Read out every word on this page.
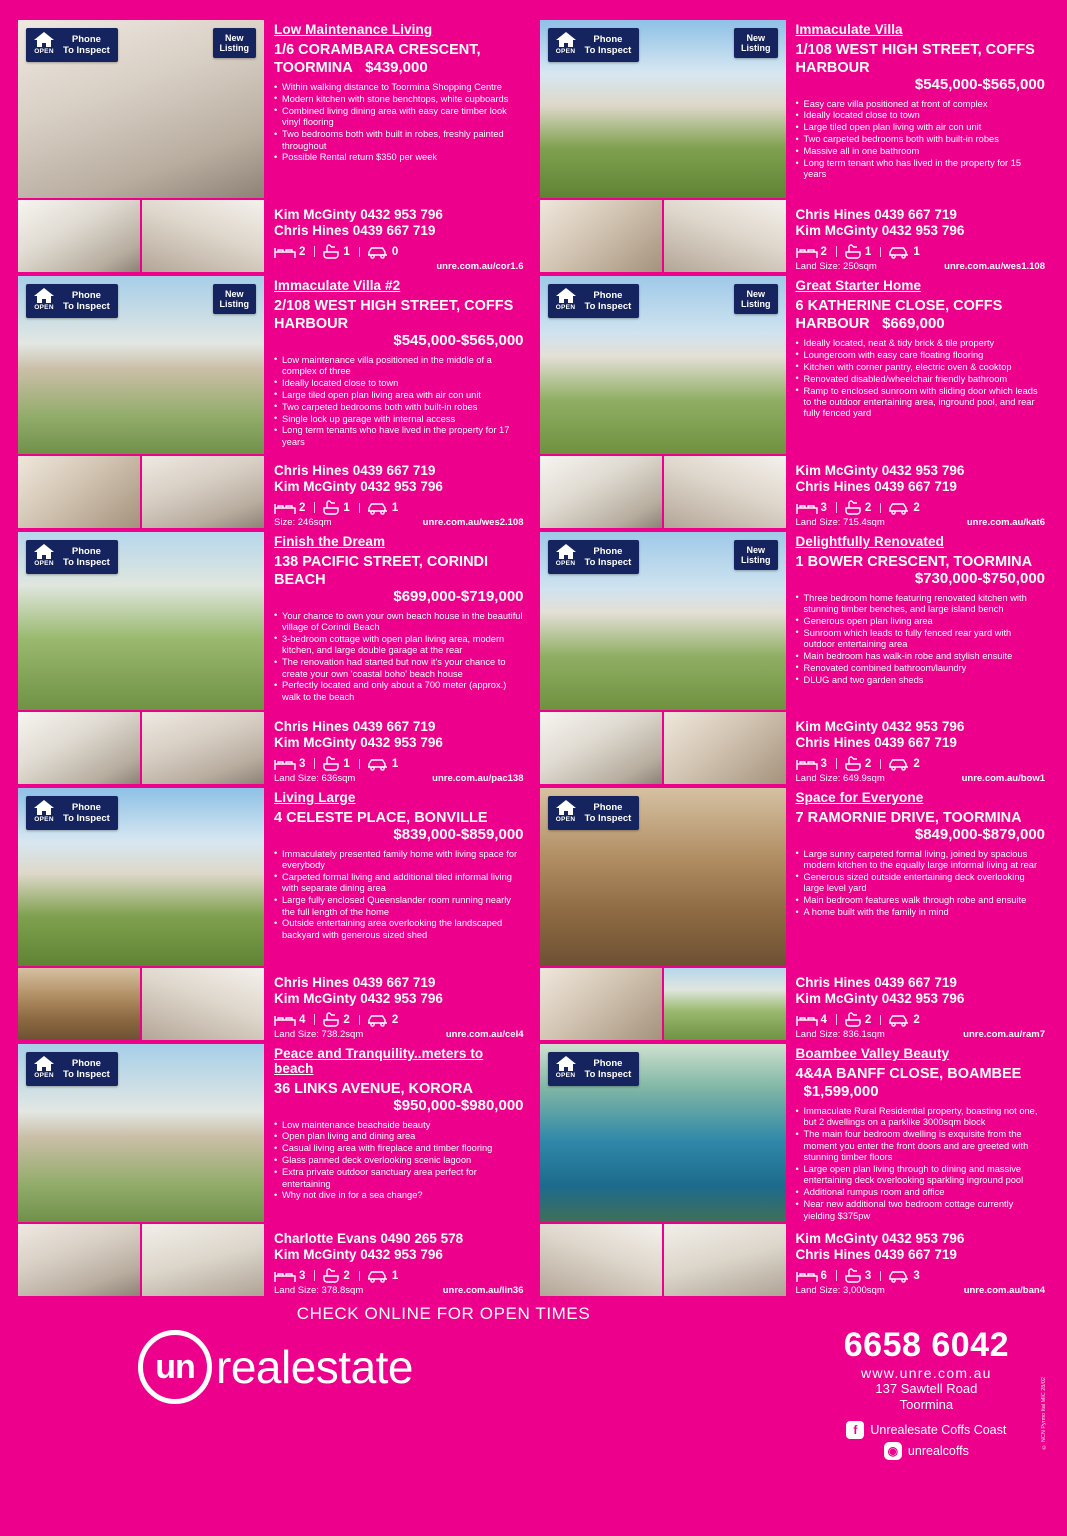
OPEN
Phone
To Inspect
New
Listing
Low Maintenance Living
1/6 CORAMBARA CRESCENT, TOORMINA $439,000
• Within walking distance to Toormina Shopping Centre
• Modern kitchen with stone benchtops, white cupboards
• Combined living dining area with easy care timber look vinyl flooring
• Two bedrooms both with built in robes, freshly painted throughout
• Possible Rental return $350 per week
Kim McGinty 0432 953 796
Chris Hines 0439 667 719
2	1	0
unre.com.au/cor1.6
OPEN
Phone
To Inspect
New
Listing
Immaculate Villa
1/108 WEST HIGH STREET, COFFS HARBOUR
$545,000-$565,000
• Easy care villa positioned at front of complex
• Ideally located close to town
• Large tiled open plan living with air con unit
• Two carpeted bedrooms both with built-in robes
• Massive all in one bathroom
• Long term tenant who has lived in the property for 15 years
Chris Hines 0439 667 719
Kim McGinty 0432 953 796
2	1	1
Land Size: 250sqm	unre.com.au/wes1.108
OPEN
Phone
To Inspect
New
Listing
Immaculate Villa #2
2/108 WEST HIGH STREET, COFFS HARBOUR
$545,000-$565,000
• Low maintenance villa positioned in the middle of a complex of three
• Ideally located close to town
• Large tiled open plan living area with air con unit
• Two carpeted bedrooms both with built-in robes
• Single lock up garage with internal access
• Long term tenants who have lived in the property for 17 years
Chris Hines 0439 667 719
Kim McGinty 0432 953 796
2	1	1
Size: 246sqm	unre.com.au/wes2.108
OPEN
Phone
To Inspect
New
Listing
Great Starter Home
6 KATHERINE CLOSE, COFFS HARBOUR $669,000
• Ideally located, neat & tidy brick & tile property
• Loungeroom with easy care floating flooring
• Kitchen with corner pantry, electric oven & cooktop
• Renovated disabled/wheelchair friendly bathroom
• Ramp to enclosed sunroom with sliding door which leads to the outdoor entertaining area, inground pool, and rear fully fenced yard
Kim McGinty 0432 953 796
Chris Hines 0439 667 719
3	2	2
Land Size: 715.4sqm	unre.com.au/kat6
OPEN
Phone
To Inspect
Finish the Dream
138 PACIFIC STREET, CORINDI BEACH
$699,000-$719,000
• Your chance to own your own beach house in the beautiful village of Corindi Beach
• 3-bedroom cottage with open plan living area, modern kitchen, and large double garage at the rear
• The renovation had started but now it's your chance to create your own 'coastal boho' beach house
• Perfectly located and only about a 700 meter (approx.) walk to the beach
Chris Hines 0439 667 719
Kim McGinty 0432 953 796
3	1	1
Land Size: 636sqm	unre.com.au/pac138
OPEN
Phone
To Inspect
New
Listing
Delightfully Renovated
1 BOWER CRESCENT, TOORMINA
$730,000-$750,000
• Three bedroom home featuring renovated kitchen with stunning timber benches, and large island bench
• Generous open plan living area
• Sunroom which leads to fully fenced rear yard with outdoor entertaining area
• Main bedroom has walk-in robe and stylish ensuite
• Renovated combined bathroom/laundry
• DLUG and two garden sheds
Kim McGinty 0432 953 796
Chris Hines 0439 667 719
3	2	2
Land Size: 649.9sqm	unre.com.au/bow1
OPEN
Phone
To Inspect
Living Large
4 CELESTE PLACE, BONVILLE
$839,000-$859,000
• Immaculately presented family home with living space for everybody
• Carpeted formal living and additional tiled informal living with separate dining area
• Large fully enclosed Queenslander room running nearly the full length of the home
• Outside entertaining area overlooking the landscaped backyard with generous sized shed
Chris Hines 0439 667 719
Kim McGinty 0432 953 796
4	2	2
Land Size: 738.2sqm	unre.com.au/cel4
OPEN
Phone
To Inspect
Space for Everyone
7 RAMORNIE DRIVE, TOORMINA
$849,000-$879,000
• Large sunny carpeted formal living, joined by spacious modern kitchen to the equally large informal living at rear
• Generous sized outside entertaining deck overlooking large level yard
• Main bedroom features walk through robe and ensuite
• A home built with the family in mind
Chris Hines 0439 667 719
Kim McGinty 0432 953 796
4	2	2
Land Size: 836.1sqm	unre.com.au/ram7
OPEN
Phone
To Inspect
Peace and Tranquility..meters to beach
36 LINKS AVENUE, KORORA
$950,000-$980,000
• Low maintenance beachside beauty
• Open plan living and dining area
• Casual living area with fireplace and timber flooring
• Glass panned deck overlooking scenic lagoon
• Extra private outdoor sanctuary area perfect for entertaining
• Why not dive in for a sea change?
Charlotte Evans 0490 265 578
Kim McGinty 0432 953 796
3	2	1
Land Size: 378.8sqm	unre.com.au/lin36
OPEN
Phone
To Inspect
Boambee Valley Beauty
4&4A BANFF CLOSE, BOAMBEE $1,599,000
• Immaculate Rural Residential property, boasting not one, but 2 dwellings on a parklike 3000sqm block
• The main four bedroom dwelling is exquisite from the moment you enter the front doors and are greeted with stunning timber floors
• Large open plan living through to dining and massive entertaining deck overlooking sparkling inground pool
• Additional rumpus room and office
• Near new additional two bedroom cottage currently yielding $375pw
Kim McGinty 0432 953 796
Chris Hines 0439 667 719
6	3	3
Land Size: 3,000sqm	unre.com.au/ban4
CHECK ONLINE FOR OPEN TIMES
un realestate	6658 6042
www.unre.com.au
137 Sawtell Road
Toormina
f	Unrealesate Coffs Coast
◉ unrealcoffs
© NCN Pyrmo Ital MIC 28/02
